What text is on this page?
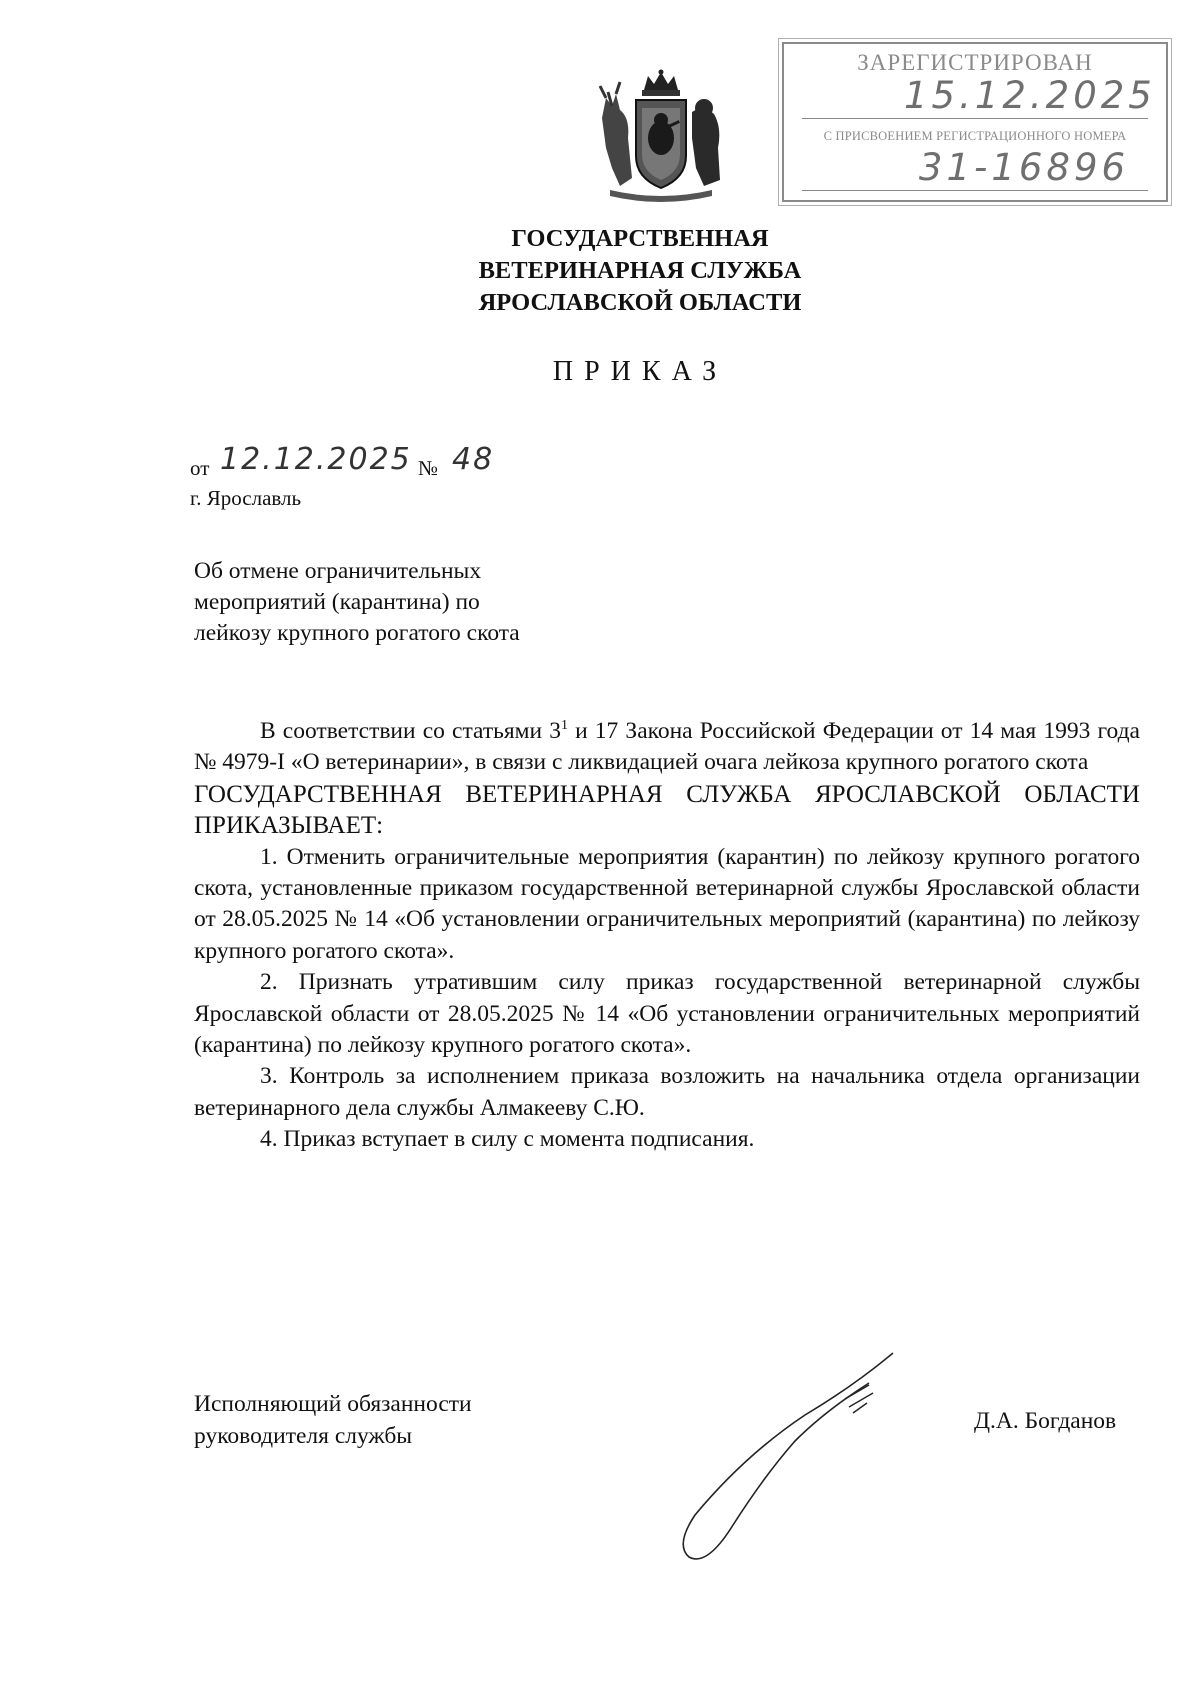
ЗАРЕГИСТРИРОВАН
15.12.2025
С ПРИСВОЕНИЕМ РЕГИСТРАЦИОННОГО НОМЕРА
31-16896
ГОСУДАРСТВЕННАЯ
ВЕТЕРИНАРНАЯ СЛУЖБА
ЯРОСЛАВСКОЙ ОБЛАСТИ
ПРИКАЗ
от 12.12.2025 № 48
г. Ярославль
Об отмене ограничительных
мероприятий (карантина) по
лейкозу крупного рогатого скота

В соответствии со статьями $3^1$ и 17 Закона Российской Федерации от 14 мая 1993 года № 4979-I «О ветеринарии», в связи с ликвидацией очага лейкоза крупного рогатого скота

ГОСУДАРСТВЕННАЯ ВЕТЕРИНАРНАЯ СЛУЖБА ЯРОСЛАВСКОЙ ОБЛАСТИ ПРИКАЗЫВАЕТ:

1. Отменить ограничительные мероприятия (карантин) по лейкозу крупного рогатого скота, установленные приказом государственной ветеринарной службы Ярославской области от 28.05.2025 № 14 «Об установлении ограничительных мероприятий (карантина) по лейкозу крупного рогатого скота».

2. Признать утратившим силу приказ государственной ветеринарной службы Ярославской области от 28.05.2025 № 14 «Об установлении ограничительных мероприятий (карантина) по лейкозу крупного рогатого скота».

3. Контроль за исполнением приказа возложить на начальника отдела организации ветеринарного дела службы Алмакееву С.Ю.

4. Приказ вступает в силу с момента подписания.

Исполняющий обязанности
руководителя службы
Д.А. Богданов
